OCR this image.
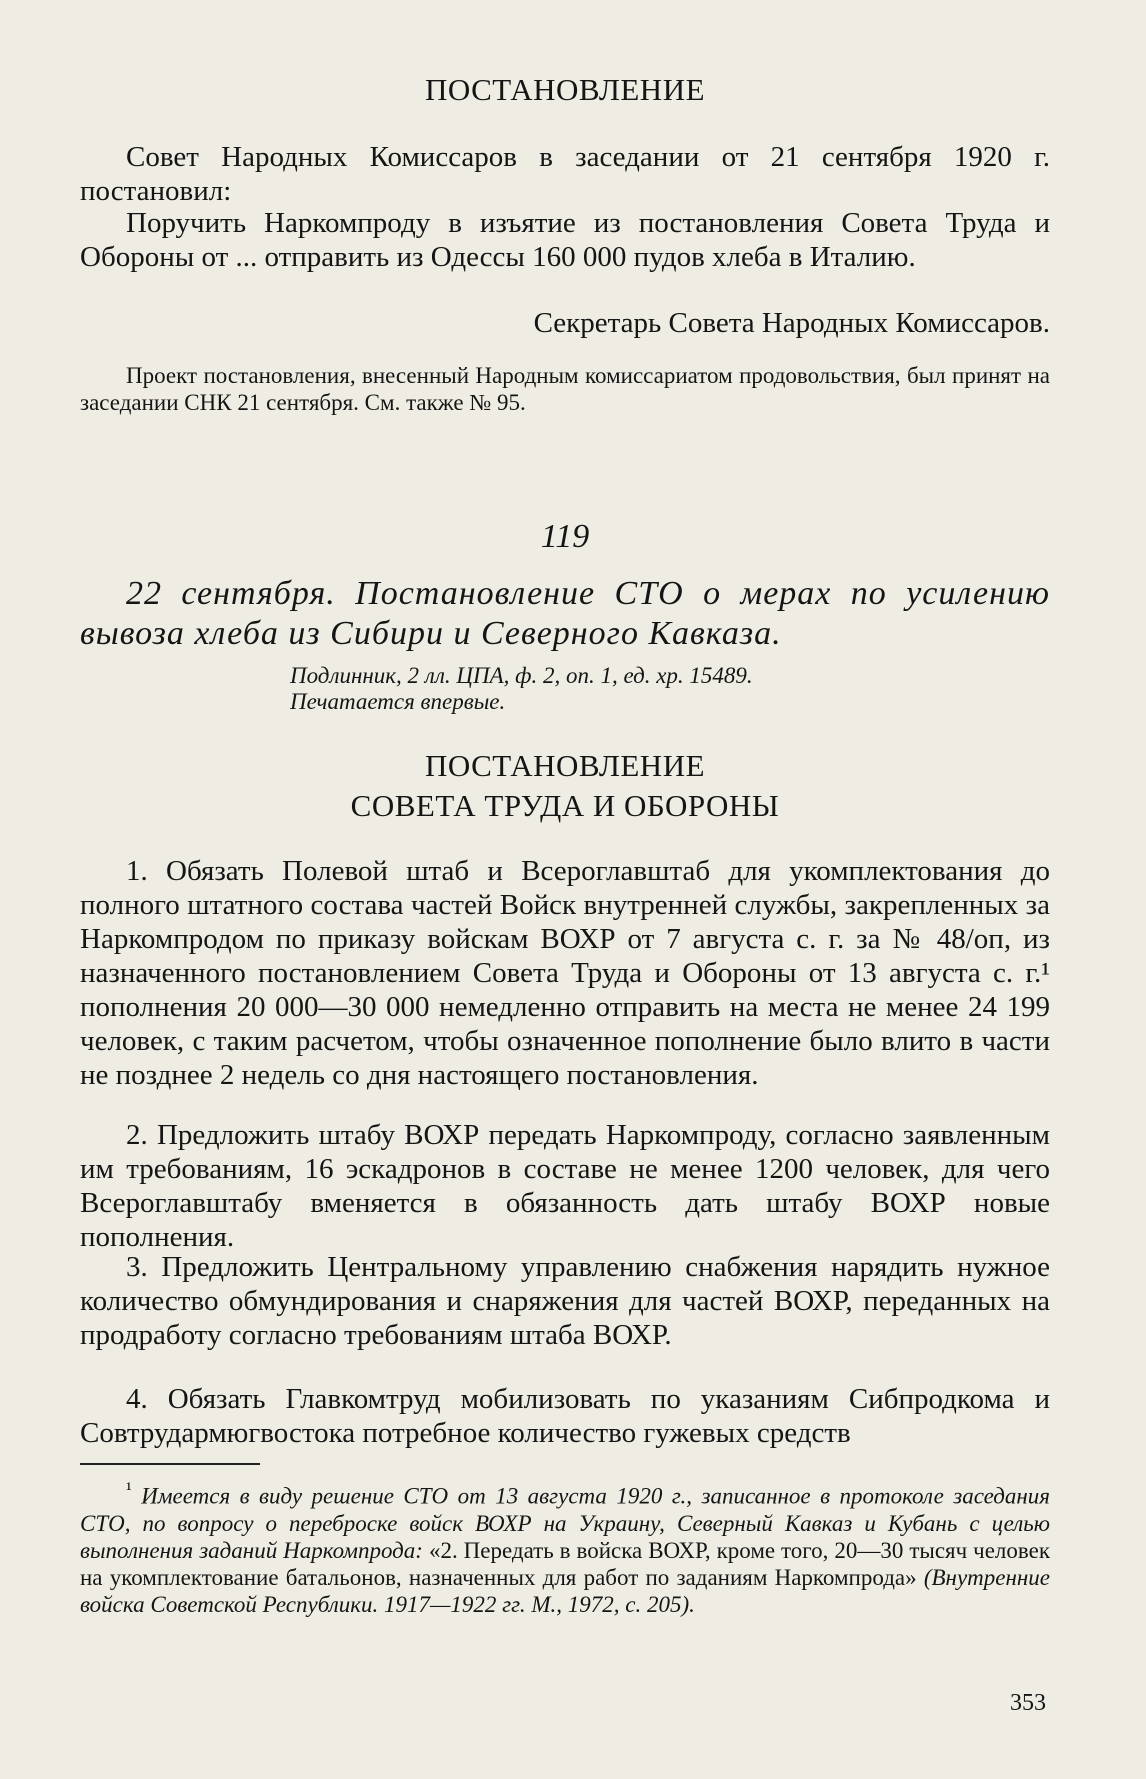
ПОСТАНОВЛЕНИЕ

Совет Народных Комиссаров в заседании от 21 сентября 1920 г. постановил:

Поручить Наркомпроду в изъятие из постановления Совета Труда и Обороны от ... отправить из Одессы 160 000 пудов хлеба в Италию.

Секретарь Совета Народных Комиссаров.

Проект постановления, внесенный Народным комиссариатом продовольствия, был принят на заседании СНК 21 сентября. См. также № 95.

119

22 сентября. Постановление СТО о мерах по усилению вывоза хлеба из Сибири и Северного Кавказа.

Подлинник, 2 лл. ЦПА, ф. 2, оп. 1, ед. хр. 15489.
Печатается впервые.
ПОСТАНОВЛЕНИЕ
СОВЕТА ТРУДА И ОБОРОНЫ

1. Обязать Полевой штаб и Всероглавштаб для укомплектования до полного штатного состава частей Войск внутренней службы, закрепленных за Наркомпродом по приказу войскам ВОХР от 7 августа с. г. за № 48/оп, из назначенного постановлением Совета Труда и Обороны от 13 августа с. г.¹ пополнения 20 000—30 000 немедленно отправить на места не менее 24 199 человек, с таким расчетом, чтобы означенное пополнение было влито в части не позднее 2 недель со дня настоящего постановления.

2. Предложить штабу ВОХР передать Наркомпроду, согласно заявленным им требованиям, 16 эскадронов в составе не менее 1200 человек, для чего Всероглавштабу вменяется в обязанность дать штабу ВОХР новые пополнения.

3. Предложить Центральному управлению снабжения нарядить нужное количество обмундирования и снаряжения для частей ВОХР, переданных на продработу согласно требованиям штаба ВОХР.

4. Обязать Главкомтруд мобилизовать по указаниям Сибпродкома и Совтрудармюгвостока потребное количество гужевых средств

$^{^1}$ Имеется в виду решение СТО от 13 августа 1920 г., записанное в протоколе заседания СТО, по вопросу о переброске войск ВОХР на Украину, Северный Кавказ и Кубань с целью выполнения заданий Наркомпрода: «2. Передать в войска ВОХР, кроме того, 20—30 тысяч человек на укомплектование батальонов, назначенных для работ по заданиям Наркомпрода» (Внутренние войска Советской Республики. 1917—1922 гг. М., 1972, с. 205).

353
